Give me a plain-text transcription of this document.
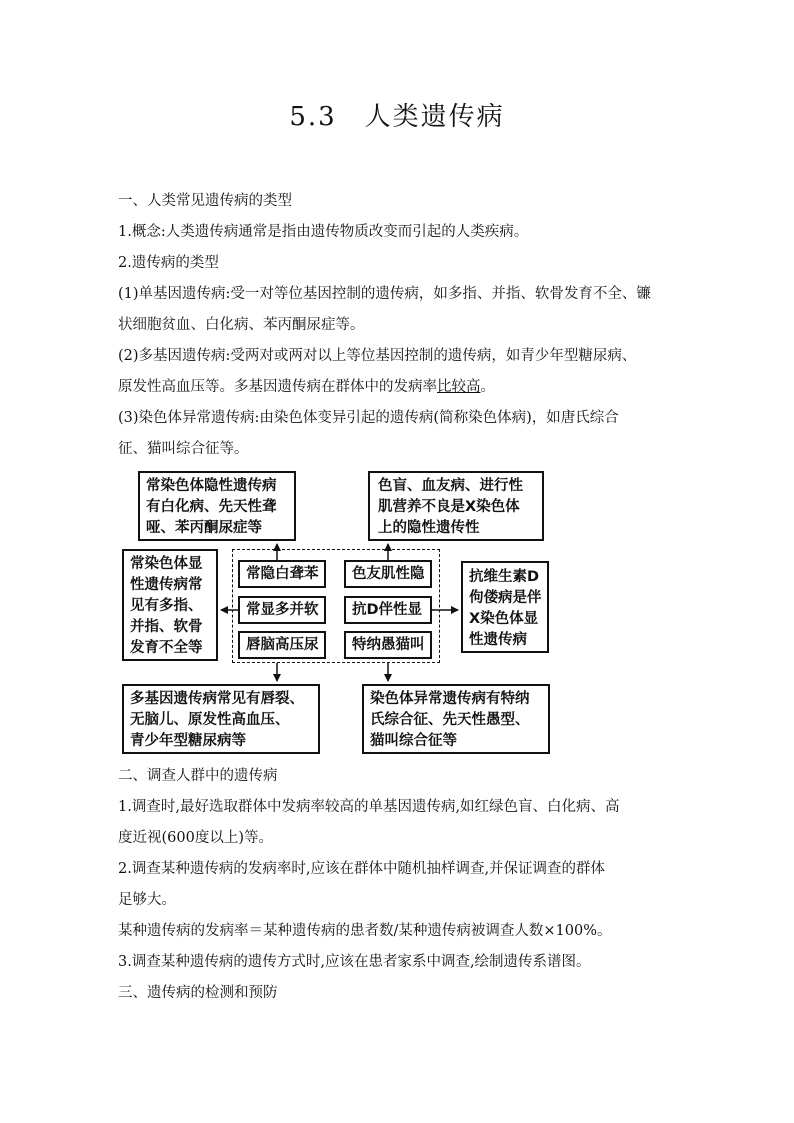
5.3　人类遗传病
一、人类常见遗传病的类型
1.概念:人类遗传病通常是指由遗传物质改变而引起的人类疾病。
2.遗传病的类型
(1)单基因遗传病:受一对等位基因控制的遗传病，如多指、并指、软骨发育不全、镰
状细胞贫血、白化病、苯丙酮尿症等。
(2)多基因遗传病:受两对或两对以上等位基因控制的遗传病，如青少年型糖尿病、
原发性高血压等。多基因遗传病在群体中的发病率比较高。
(3)染色体异常遗传病:由染色体变异引起的遗传病(简称染色体病)，如唐氏综合
征、猫叫综合征等。
常染色体隐性遗传病
有白化病、先天性聋
哑、苯丙酮尿症等
色盲、血友病、进行性
肌营养不良是X染色体
上的隐性遗传性
常染色体显
性遗传病常
见有多指、
并指、软骨
发育不全等
抗维生素D
佝偻病是伴
X染色体显
性遗传病
常隐白聋苯	色友肌性隐
常显多并软	抗D伴性显
唇脑高压尿	特纳愚猫叫
多基因遗传病常见有唇裂、
无脑儿、原发性高血压、
青少年型糖尿病等
染色体异常遗传病有特纳
氏综合征、先天性愚型、
猫叫综合征等
二、调查人群中的遗传病
1.调查时,最好选取群体中发病率较高的单基因遗传病,如红绿色盲、白化病、高
度近视(600度以上)等。
2.调查某种遗传病的发病率时,应该在群体中随机抽样调查,并保证调查的群体
足够大。
某种遗传病的发病率＝某种遗传病的患者数/某种遗传病被调查人数×100%。
3.调查某种遗传病的遗传方式时,应该在患者家系中调查,绘制遗传系谱图。
三、遗传病的检测和预防
